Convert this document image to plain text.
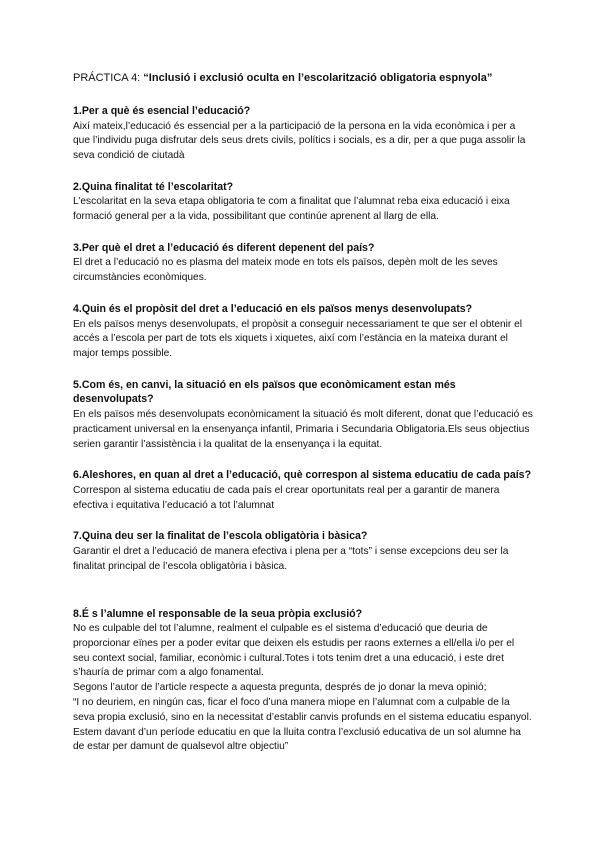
PRÁCTICA 4: “Inclusió i exclusió oculta en l’escolarització obligatoria espnyola”
1.Per a què és esencial l’educació?
Així mateix,l’educació és essencial per a la participació de la persona en la vida econòmica i per a que l’individu puga disfrutar dels seus drets civils, polítics i socials, es a dir, per a que puga assolir la seva condició de ciutadà
2.Quina finalitat té l’escolaritat?
L’escolaritat en la seva etapa obligatoria te com a finalitat que l’alumnat reba eixa educació i eixa formació general per a la vida, possibilitant que continúe aprenent al llarg de ella.
3.Per què el dret a l’educació és diferent depenent del país?
El dret a l’educació no es plasma del mateix mode en tots els països, depèn molt de les seves circumstàncies econòmiques.
4.Quin és el propòsit del dret a l’educació en els països menys desenvolupats?
En els països menys desenvolupats, el propòsit a conseguir necessariament te que ser el obtenir el accés a l’escola per part de tots els xiquets i xiquetes, així com l’estància en la mateixa durant el major temps possible.
5.Com és, en canvi, la situació en els països que econòmicament estan més desenvolupats?
En els països més desenvolupats econòmicament la situació és molt diferent, donat que l’educació es practicament universal en la ensenyança infantil, Primaria i Secundaria Obligatoria.Els seus objectius serien garantir l’assistència i la qualitat de la ensenyança i la equitat.
6.Aleshores, en quan al dret a l’educació, què correspon al sistema educatiu de cada país?
Correspon al sistema educatiu de cada país el crear oportunitats real per a garantir de manera efectiva i equitativa l’educació a tot l’alumnat
7.Quina deu ser la finalitat de l’escola obligatòria i bàsica?
Garantir el dret a l’educació de manera efectiva i plena per a “tots” i sense excepcions deu ser la finalitat principal de l’escola obligatòria i bàsica.
8.É s l’alumne el responsable de la seua pròpia exclusió?

No es culpable del tot l’alumne, realment el culpable es el sistema d’educació que deuria de proporcionar eïnes per a poder evitar que deixen els estudis per raons externes a ell/ella i/o per el seu context social, familiar, econòmic i cultural.Totes i tots tenim dret a una educació, i este dret s’hauría de primar com a algo fonamental.

Segons l’autor de l’article respecte a aquesta pregunta, després de jo donar la meva opinió;

“I no deuriem, en ningún cas, ficar el foco d’una manera miope en l’alumnat com a culpable de la seva propia exclusió, sino en la necessitat d’establir canvis profunds en el sistema educatiu espanyol. Estem davant d’un període educatiu en que la lluita contra l’exclusió educativa de un sol alumne ha de estar per damunt de qualsevol altre objectiu”
